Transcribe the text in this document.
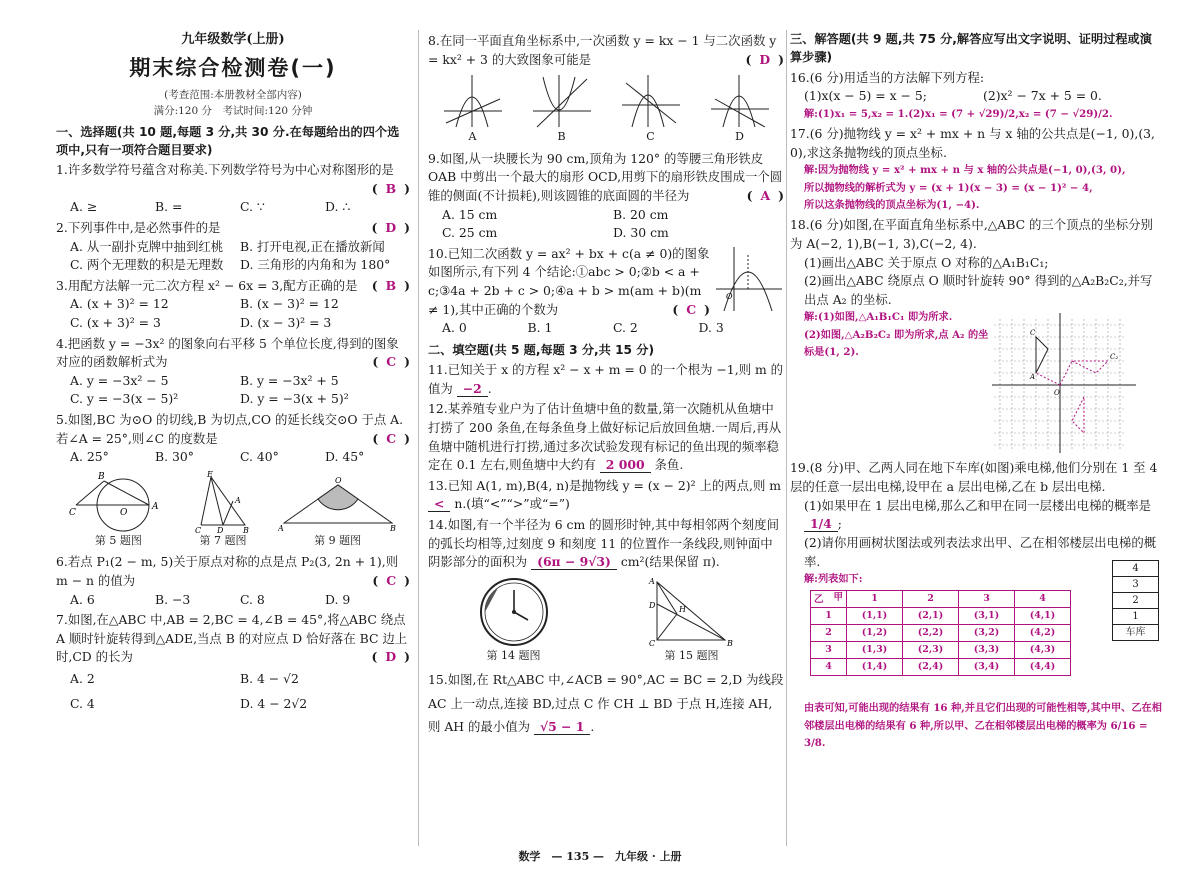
九年级数学(上册)
期末综合检测卷(一)
(考查范围:本册教材全部内容)
满分:120 分　考试时间:120 分钟
一、选择题(共 10 题,每题 3 分,共 30 分.在每题给出的四个选项中,只有一项符合题目要求)
1.许多数学符号蕴含对称美.下列数学符号为中心对称图形的是
( B )
A. ≥	B. =	C. ∵	D. ∴
2.下列事件中,是必然事件的是	( D )
A. 从一副扑克牌中抽到红桃	B. 打开电视,正在播放新闻
C. 两个无理数的积是无理数	D. 三角形的内角和为 180°
3.用配方法解一元二次方程 x² − 6x = 3,配方正确的是 ( B )
A. (x + 3)² = 12	B. (x − 3)² = 12
C. (x + 3)² = 3	D. (x − 3)² = 3
4.把函数 y = −3x² 的图象向右平移 5 个单位长度,得到的图象对应的函数解析式为	( C )
A. y = −3x² − 5	B. y = −3x² + 5
C. y = −3(x − 5)²	D. y = −3(x + 5)²
5.如图,BC 为⊙O 的切线,B 为切点,CO 的延长线交⊙O 于点 A.若∠A = 25°,则∠C 的度数是	( C )
A. 25°	B. 30°	C. 40°	D. 45°
C
B
O
A
第 5 题图
C D B
E
A
第 7 题图
A	B
O
第 9 题图
6.若点 P₁(2 − m, 5)关于原点对称的点是点 P₂(3, 2n + 1),则 m − n 的值为	( C )
A. 6	B. −3	C. 8	D. 9
7.如图,在△ABC 中,AB = 2,BC = 4,∠B = 45°,将△ABC 绕点 A 顺时针旋转得到△ADE,当点 B 的对应点 D 恰好落在 BC 边上时,CD 的长为	( D )
A. 2	B. 4 − √2
C. 4	D. 4 − 2√2
8.在同一平面直角坐标系中,一次函数 y = kx − 1 与二次函数 y = kx² + 3 的大致图象可能是	( D )
A	B	C	D
9.如图,从一块腰长为 90 cm,顶角为 120° 的等腰三角形铁皮 OAB 中剪出一个最大的扇形 OCD,用剪下的扇形铁皮围成一个圆锥的侧面(不计损耗),则该圆锥的底面圆的半径为	( A )
A. 15 cm	B. 20 cm
C. 25 cm	D. 30 cm
O
10.已知二次函数 y = ax² + bx + c(a ≠ 0)的图象如图所示,有下列 4 个结论:①abc > 0;②b < a + c;③4a + 2b + c > 0;④a + b > m(am + b)(m ≠ 1),其中正确的个数为	( C )
A. 0	B. 1	C. 2	D. 3
二、填空题(共 5 题,每题 3 分,共 15 分)
11.已知关于 x 的方程 x² − x + m = 0 的一个根为 −1,则 m 的值为 −2 .
12.某养殖专业户为了估计鱼塘中鱼的数量,第一次随机从鱼塘中打捞了 200 条鱼,在每条鱼身上做好标记后放回鱼塘.一周后,再从鱼塘中随机进行打捞,通过多次试验发现有标记的鱼出现的频率稳定在 0.1 左右,则鱼塘中大约有 2 000 条鱼.
13.已知 A(1, m),B(4, n)是抛物线 y = (x − 2)² 上的两点,则 m < n.(填“<”“>”或“=”)
14.如图,有一个半径为 6 cm 的圆形时钟,其中每相邻两个刻度间的弧长均相等,过刻度 9 和刻度 11 的位置作一条线段,则钟面中阴影部分的面积为 (6π − 9√3) cm²(结果保留 π).
第 14 题图
A
D	H
C	B
第 15 题图
15.如图,在 Rt△ABC 中,∠ACB = 90°,AC = BC = 2,D 为线段 AC 上一动点,连接 BD,过点 C 作 CH ⊥ BD 于点 H,连接 AH,则 AH 的最小值为 √5 − 1 .
三、解答题(共 9 题,共 75 分,解答应写出文字说明、证明过程或演算步骤)
16.(6 分)用适当的方法解下列方程:
(1)x(x − 5) = x − 5;	(2)x² − 7x + 5 = 0.
解:(1)x₁ = 5,x₂ = 1.(2)x₁ = (7 + √29)/2,x₂ = (7 − √29)/2.
17.(6 分)抛物线 y = x² + mx + n 与 x 轴的公共点是(−1, 0),(3, 0),求这条抛物线的顶点坐标.
解:因为抛物线 y = x² + mx + n 与 x 轴的公共点是(−1, 0),(3, 0),
所以抛物线的解析式为 y = (x + 1)(x − 3) = (x − 1)² − 4,
所以这条抛物线的顶点坐标为(1, −4).
18.(6 分)如图,在平面直角坐标系中,△ABC 的三个顶点的坐标分别为 A(−2, 1),B(−1, 3),C(−2, 4).
(1)画出△ABC 关于原点 O 对称的△A₁B₁C₁;
(2)画出△ABC 绕原点 O 顺时针旋转 90° 得到的△A₂B₂C₂,并写出点 A₂ 的坐标.
解:(1)如图,△A₁B₁C₁ 即为所求.
(2)如图,△A₂B₂C₂ 即为所求,点 A₂ 的坐标是(1, 2).
O
A
C
C₂
19.(8 分)甲、乙两人同在地下车库(如图)乘电梯,他们分别在 1 至 4 层的任意一层出电梯,设甲在 a 层出电梯,乙在 b 层出电梯.
(1)如果甲在 1 层出电梯,那么乙和甲在同一层楼出电梯的概率是 1/4 ;
(2)请你用画树状图法或列表法求出甲、乙在相邻楼层出电梯的概率.
解:列表如下:
甲
乙	1	2	3	4
1	(1,1)	(2,1)	(3,1)	(4,1)
2	(1,2)	(2,2)	(3,2)	(4,2)
3	(1,3)	(2,3)	(3,3)	(4,3)
4	(1,4)	(2,4)	(3,4)	(4,4)
4
3
2
1
车库
由表可知,可能出现的结果有 16 种,并且它们出现的可能性相等,其中甲、乙在相邻楼层出电梯的结果有 6 种,所以甲、乙在相邻楼层出电梯的概率为 6/16 = 3/8.
数学　— 135 —　九年级 · 上册
